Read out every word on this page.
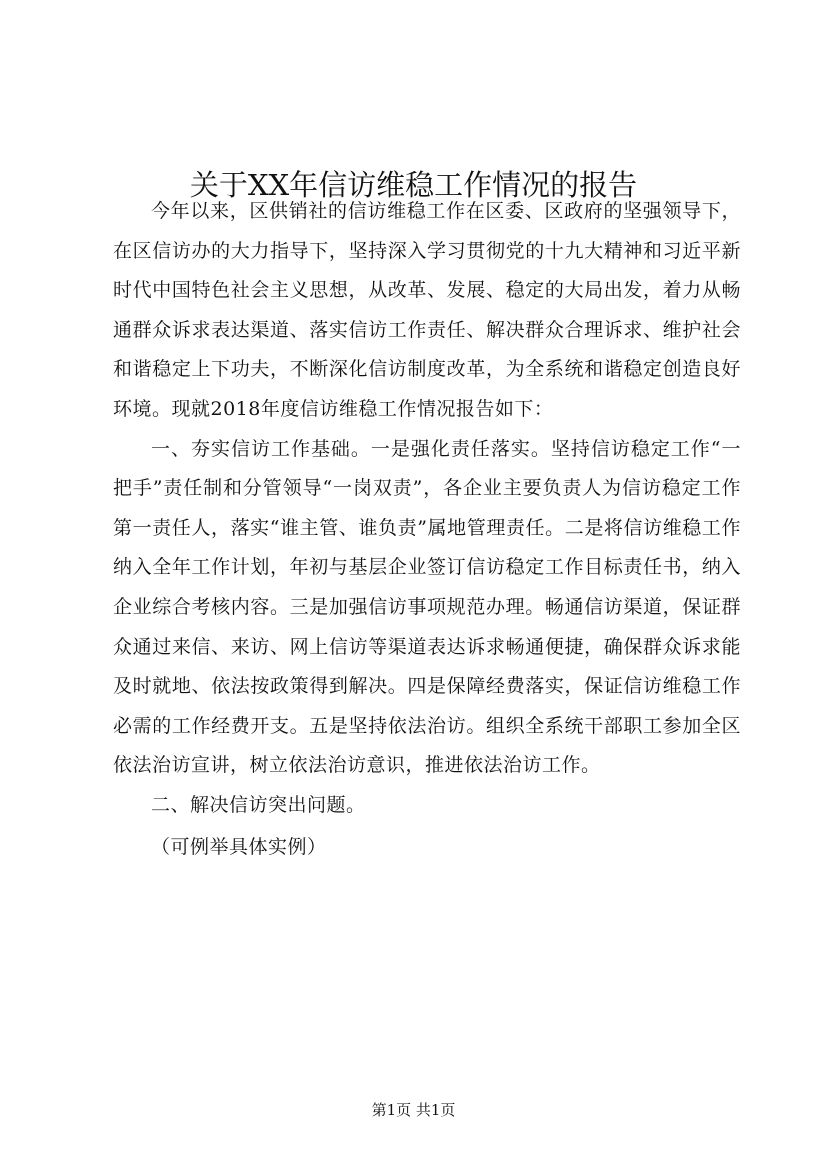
关于XX年信访维稳工作情况的报告

今年以来，区供销社的信访维稳工作在区委、区政府的坚强领导下，在区信访办的大力指导下，坚持深入学习贯彻党的十九大精神和习近平新时代中国特色社会主义思想，从改革、发展、稳定的大局出发，着力从畅通群众诉求表达渠道、落实信访工作责任、解决群众合理诉求、维护社会和谐稳定上下功夫，不断深化信访制度改革，为全系统和谐稳定创造良好环境。现就2018年度信访维稳工作情况报告如下：

一、夯实信访工作基础。一是强化责任落实。坚持信访稳定工作“一把手”责任制和分管领导“一岗双责”，各企业主要负责人为信访稳定工作第一责任人，落实“谁主管、谁负责”属地管理责任。二是将信访维稳工作纳入全年工作计划，年初与基层企业签订信访稳定工作目标责任书，纳入企业综合考核内容。三是加强信访事项规范办理。畅通信访渠道，保证群众通过来信、来访、网上信访等渠道表达诉求畅通便捷，确保群众诉求能及时就地、依法按政策得到解决。四是保障经费落实，保证信访维稳工作必需的工作经费开支。五是坚持依法治访。组织全系统干部职工参加全区依法治访宣讲，树立依法治访意识，推进依法治访工作。

二、解决信访突出问题。

（可例举具体实例）

第1页 共1页
